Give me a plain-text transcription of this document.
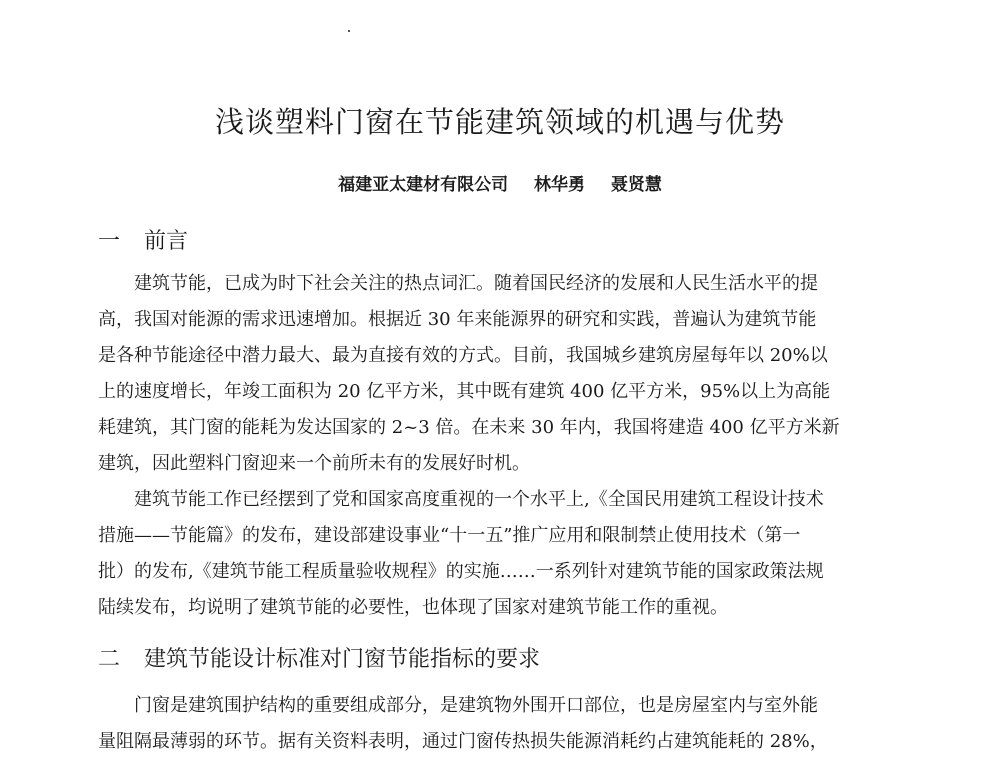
浅谈塑料门窗在节能建筑领域的机遇与优势
福建亚太建材有限公司 林华勇 聂贤慧
一 前言

建筑节能，已成为时下社会关注的热点词汇。随着国民经济的发展和人民生活水平的提
高，我国对能源的需求迅速增加。根据近 30 年来能源界的研究和实践，普遍认为建筑节能
是各种节能途径中潜力最大、最为直接有效的方式。目前，我国城乡建筑房屋每年以 20%以
上的速度增长，年竣工面积为 20 亿平方米，其中既有建筑 400 亿平方米，95%以上为高能
耗建筑，其门窗的能耗为发达国家的 2~3 倍。在未来 30 年内，我国将建造 400 亿平方米新
建筑，因此塑料门窗迎来一个前所未有的发展好时机。

建筑节能工作已经摆到了党和国家高度重视的一个水平上,《全国民用建筑工程设计技术
措施——节能篇》的发布，建设部建设事业“十一五”推广应用和限制禁止使用技术（第一
批）的发布,《建筑节能工程质量验收规程》的实施……一系列针对建筑节能的国家政策法规
陆续发布，均说明了建筑节能的必要性，也体现了国家对建筑节能工作的重视。

二 建筑节能设计标准对门窗节能指标的要求

门窗是建筑围护结构的重要组成部分，是建筑物外围开口部位，也是房屋室内与室外能
量阻隔最薄弱的环节。据有关资料表明，通过门窗传热损失能源消耗约占建筑能耗的 28%，
